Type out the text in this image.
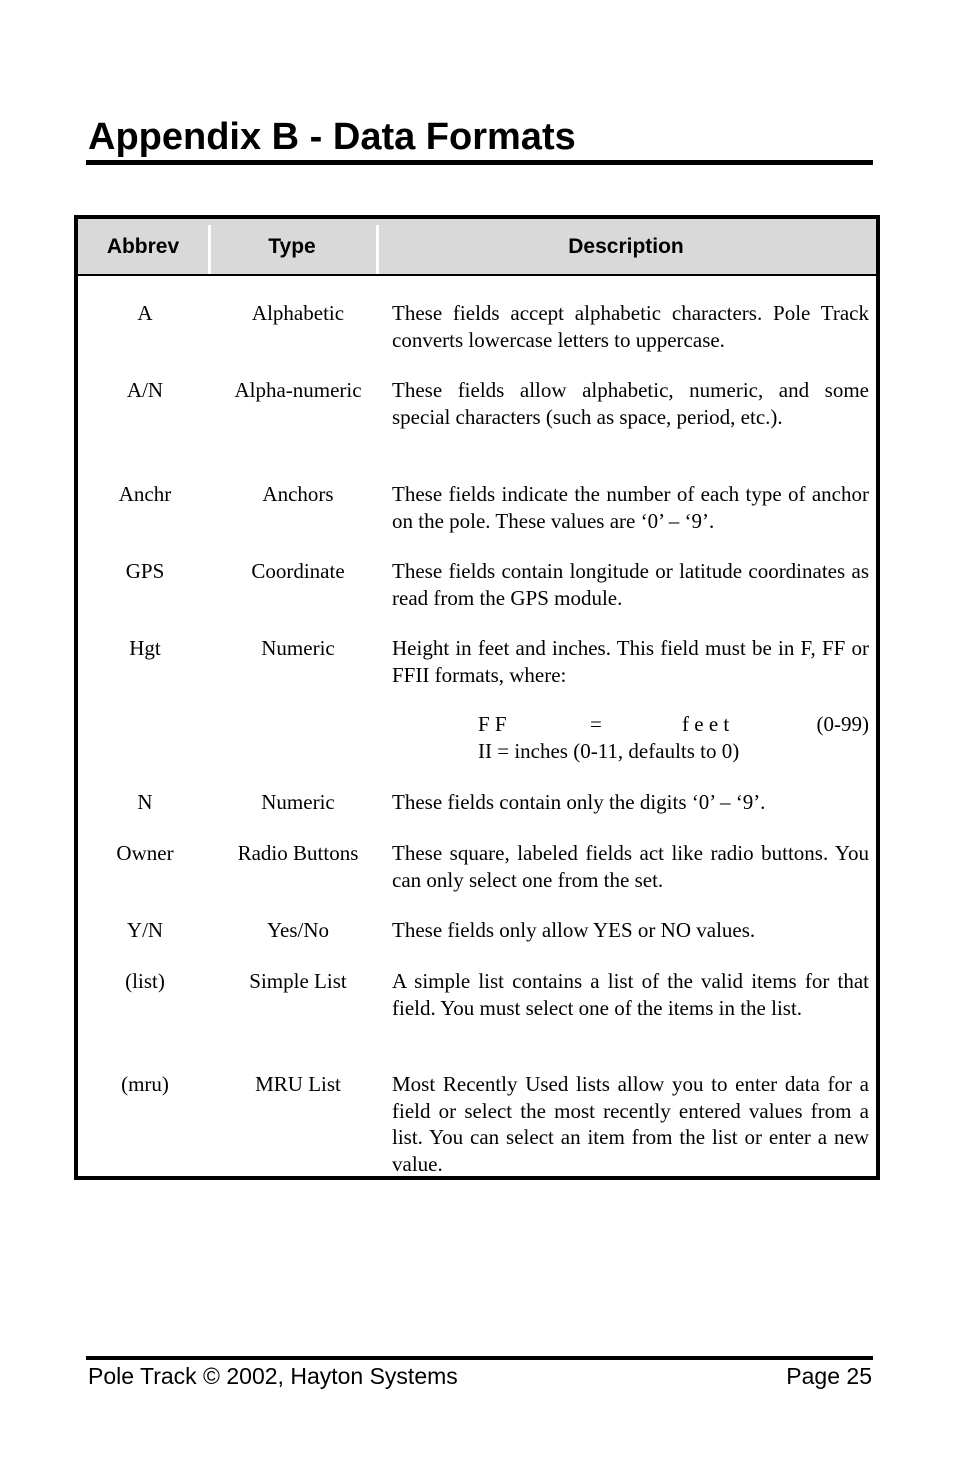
Appendix B - Data Formats
Abbrev	Type	Description
A	Alphabetic	These fields accept alphabetic characters. Pole Track converts lowercase letters to uppercase.
A/N	Alpha-numeric	These fields allow alphabetic, numeric, and some special characters (such as space, period, etc.).
Anchr	Anchors	These fields indicate the number of each type of anchor on the pole. These values are ‘0’ – ‘9’.
GPS	Coordinate	These fields contain longitude or latitude coordinates as read from the GPS module.
Hgt	Numeric	Height in feet and inches. This field must be in F, FF or FFII formats, where:
F F	=	f e e t	(0-99)
II = inches (0-11, defaults to 0)
N	Numeric	These fields contain only the digits ‘0’ – ‘9’.
Owner	Radio Buttons	These square, labeled fields act like radio buttons. You can only select one from the set.
Y/N	Yes/No	These fields only allow YES or NO values.
(list)	Simple List	A simple list contains a list of the valid items for that field. You must select one of the items in the list.
(mru)	MRU List	Most Recently Used lists allow you to enter data for a field or select the most recently entered values from a list. You can select an item from the list or enter a new value.
Pole Track © 2002, Hayton Systems	Page 25
